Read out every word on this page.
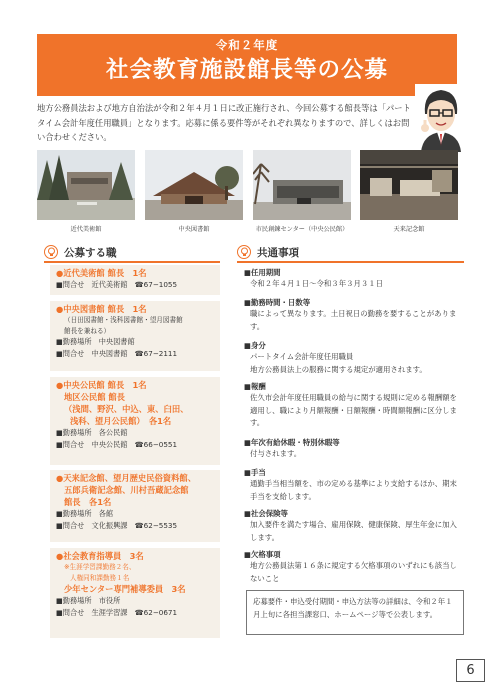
令和２年度
社会教育施設館長等の公募
地方公務員法および地方自治法が令和２年４月１日に改正施行され、今回公募する館長等は「パートタイム会計年度任用職員」となります。応募に係る要件等がそれぞれ異なりますので、詳しくはお問い合わせください。
近代美術館	中央図書館	市民創錬センター（中央公民館）	天来記念館
公募する職	共通事項
●近代美術館 館長　1名
■問合せ　近代美術館　☎67−1055
●中央図書館 館長　1名
（日田図書館・浅科図書館・望月図書館
館長を兼ねる）
■勤務場所　中央図書館
■問合せ　中央図書館　☎67−2111
●中央公民館 館長　1名
地区公民館 館長
（浅間、野沢、中込、東、臼田、
浅科、望月公民館）　各1名
■勤務場所　各公民館
■問合せ　中央公民館　☎66−0551
●天来記念館、望月歴史民俗資料館、
五郎兵衛記念館、川村吾蔵記念館
館長　各1名
■勤務場所　各館
■問合せ　文化振興課　☎62−5535
●社会教育指導員　3名
※生涯学習課勤務２名、
人権同和課勤務１名
少年センター専門補導委員　3名
■勤務場所　市役所
■問合せ　生涯学習課　☎62−0671
■任用期間
令和２年４月１日～令和３年３月３１日
■勤務時間・日数等
職によって異なります。土日祝日の勤務を要することがあります。
■身分
パートタイム会計年度任用職員
地方公務員法上の服務に関する規定が適用されます。
■報酬
佐久市会計年度任用職員の給与に関する規則に定める報酬額を適用し、職により月額報酬・日額報酬・時間額報酬に区分します。
■年次有給休暇・特別休暇等
付与されます。
■手当
通勤手当相当額を、市の定める基準により支給するほか、期末手当を支給します。
■社会保険等
加入要件を満たす場合、雇用保険、健康保険、厚生年金に加入します。
■欠格事項
地方公務員法第１６条に規定する欠格事項のいずれにも該当しないこと
応募要件・申込受付期間・申込方法等の詳細は、令和２年１月上旬に各担当課窓口、ホームページ等で公表します。
6
